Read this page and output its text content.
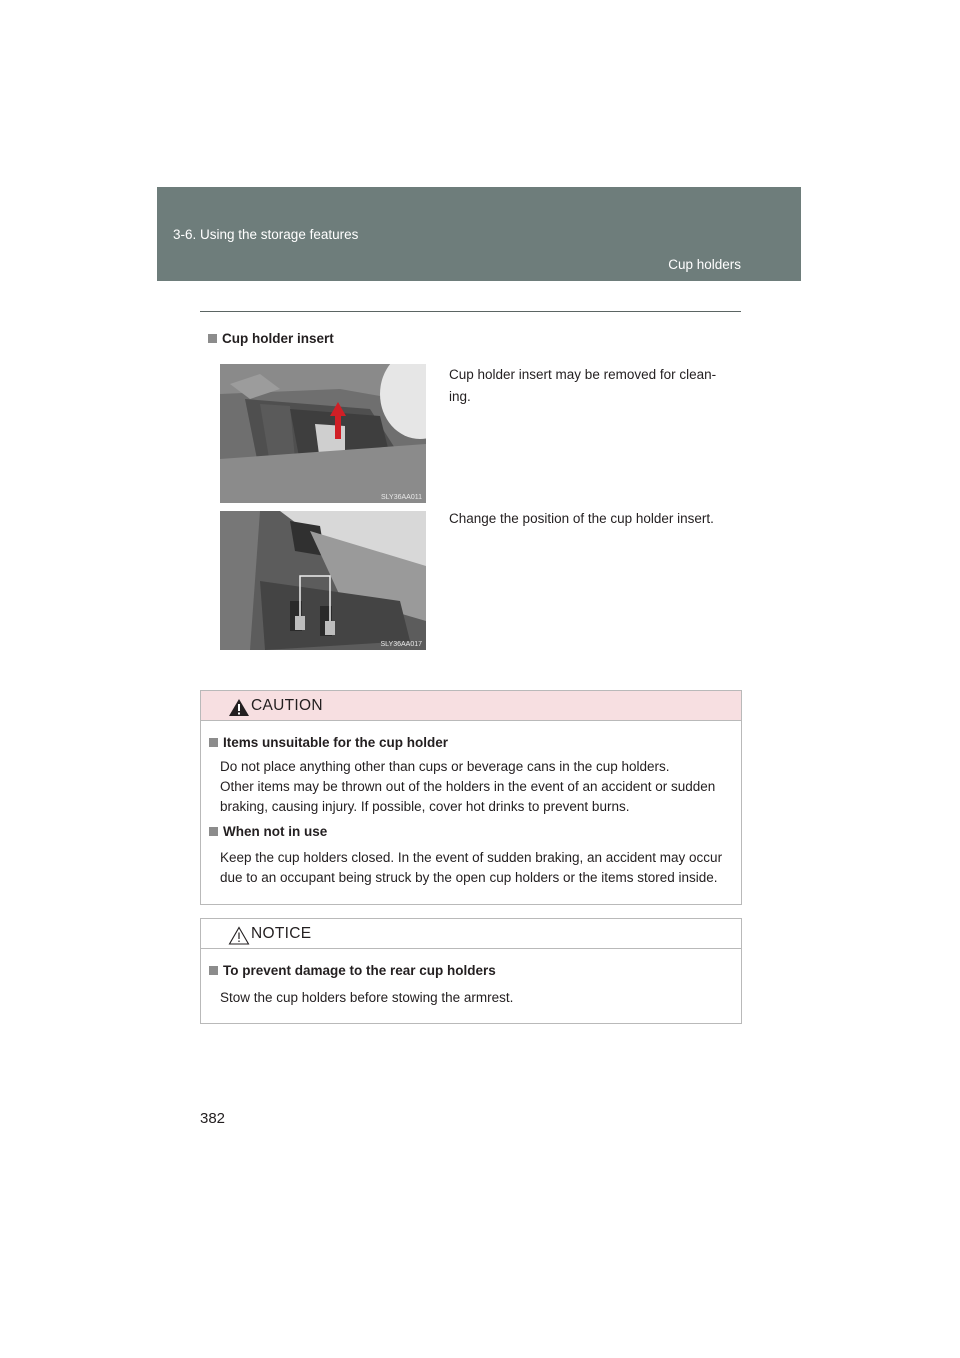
3-6. Using the storage features
Cup holders
Cup holder insert
SLY36AA011
Cup holder insert may be removed for clean-
ing.
SLY36AA017
Change the position of the cup holder insert.
CAUTION
Items unsuitable for the cup holder
Do not place anything other than cups or beverage cans in the cup holders.
Other items may be thrown out of the holders in the event of an accident or sudden
braking, causing injury. If possible, cover hot drinks to prevent burns.
When not in use
Keep the cup holders closed. In the event of sudden braking, an accident may occur
due to an occupant being struck by the open cup holders or the items stored inside.
NOTICE
To prevent damage to the rear cup holders
Stow the cup holders before stowing the armrest.
382
